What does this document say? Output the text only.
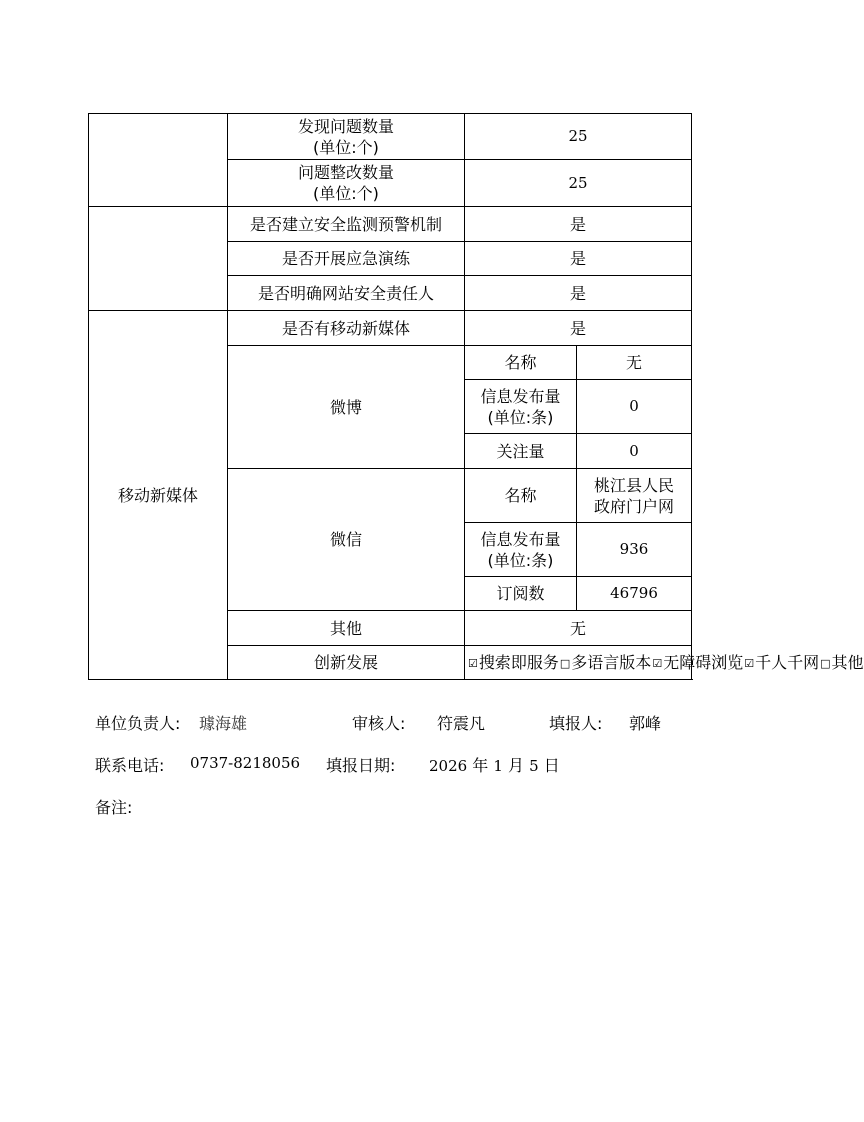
	发现问题数量
(单位:个)	25	

	问题整改数量
(单位:个)	25	
	是否建立安全监测预警机制	是	
	是否开展应急演练	是	
	是否明确网站安全责任人	是	
移动新媒体	是否有移动新媒体	是	
	微博	名称	无

		信息发布量
(单位:条)	0
		关注量	0
	微信	名称	桃江县人民
政府门户网

		信息发布量
(单位:条)	936
		订阅数	46796
	其他	无	
	创新发展	☑搜索即服务□多语言版本☑无障碍浏览☑千人千网□其他	
单位负责人: 璩海雄	审核人: 符震凡	填报人: 郭峰
联系电话: 0737-8218056 填报日期: 2026 年 1 月 5 日
备注:
